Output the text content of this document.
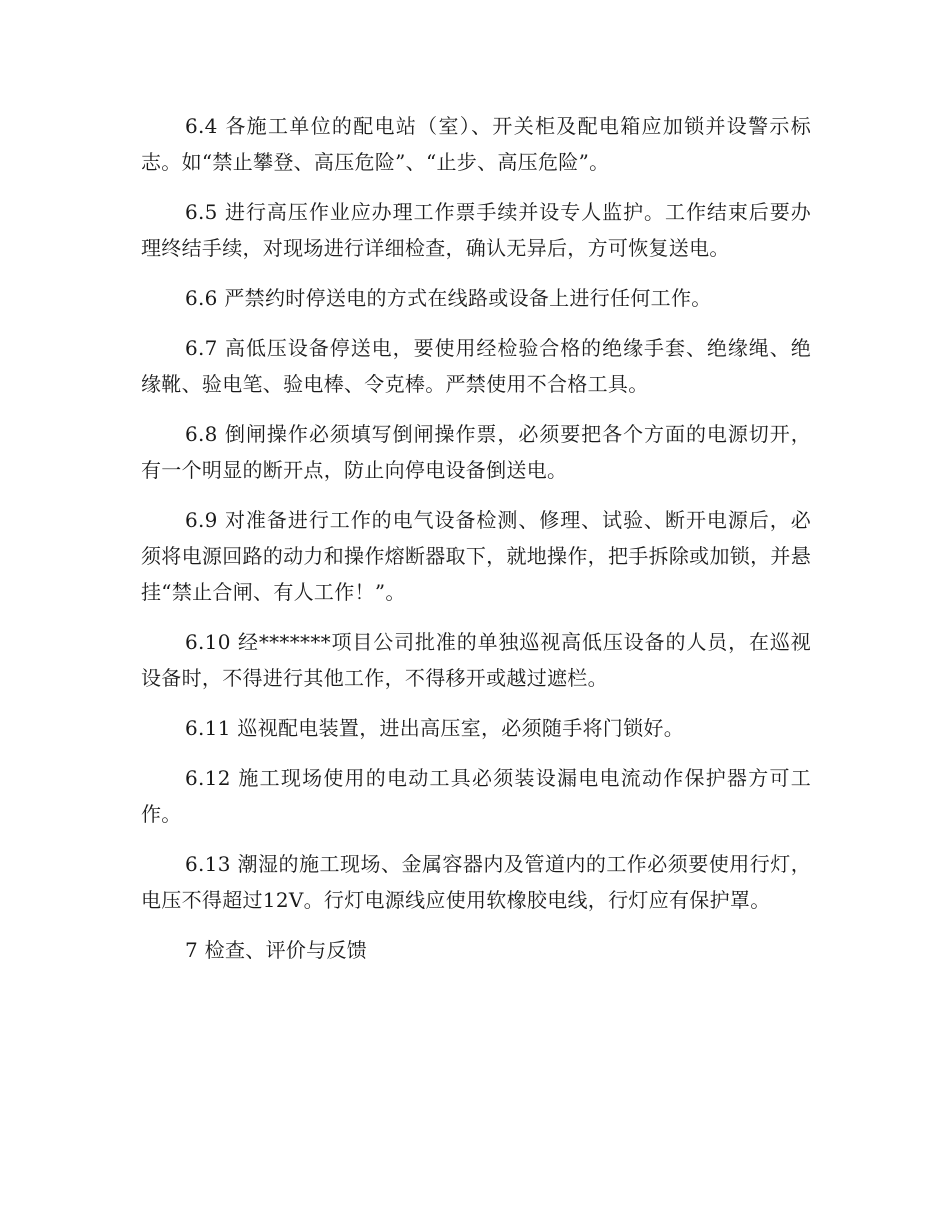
6.4 各施工单位的配电站（室）、开关柜及配电箱应加锁并设警示标志。如“禁止攀登、高压危险”、“止步、高压危险”。

6.5 进行高压作业应办理工作票手续并设专人监护。工作结束后要办理终结手续，对现场进行详细检查，确认无异后，方可恢复送电。

6.6 严禁约时停送电的方式在线路或设备上进行任何工作。

6.7 高低压设备停送电，要使用经检验合格的绝缘手套、绝缘绳、绝缘靴、验电笔、验电棒、令克棒。严禁使用不合格工具。

6.8 倒闸操作必须填写倒闸操作票，必须要把各个方面的电源切开，有一个明显的断开点，防止向停电设备倒送电。

6.9 对准备进行工作的电气设备检测、修理、试验、断开电源后，必须将电源回路的动力和操作熔断器取下，就地操作，把手拆除或加锁，并悬挂“禁止合闸、有人工作！”。

6.10 经*******项目公司批准的单独巡视高低压设备的人员，在巡视设备时，不得进行其他工作，不得移开或越过遮栏。

6.11 巡视配电装置，进出高压室，必须随手将门锁好。

6.12 施工现场使用的电动工具必须装设漏电电流动作保护器方可工作。

6.13 潮湿的施工现场、金属容器内及管道内的工作必须要使用行灯，电压不得超过12V。行灯电源线应使用软橡胶电线，行灯应有保护罩。

7 检查、评价与反馈
